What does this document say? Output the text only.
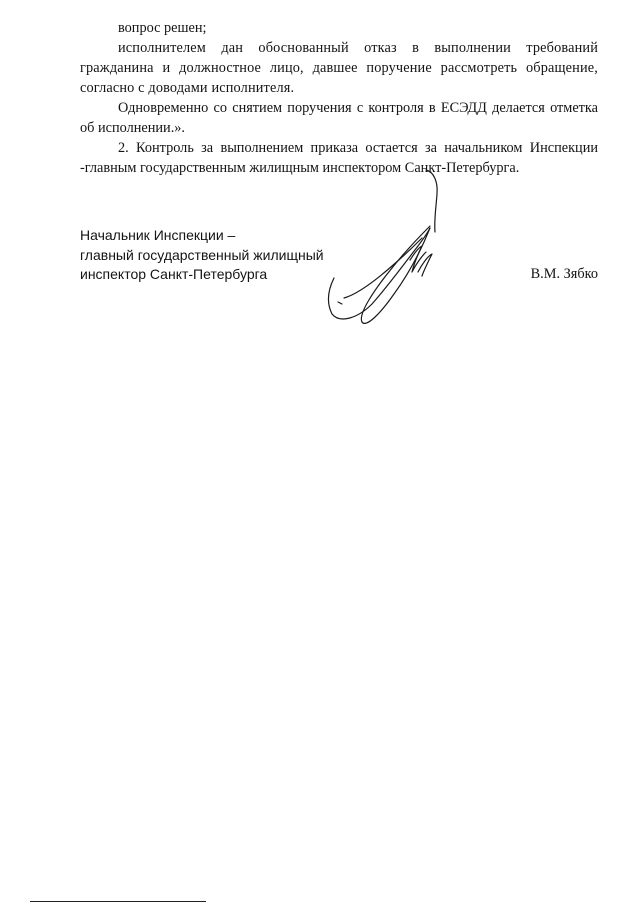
вопрос решен;

исполнителем дан обоснованный отказ в выполнении требований гражданина и должностное лицо, давшее поручение рассмотреть обращение, согласно с доводами исполнителя.

Одновременно со снятием поручения с контроля в ЕСЭДД делается отметка об исполнении.».

2. Контроль за выполнением приказа остается за начальником Инспекции -главным государственным жилищным инспектором Санкт-Петербурга.

Начальник Инспекции –
главный государственный жилищный
инспектор Санкт-Петербурга	В.М. Зябко
